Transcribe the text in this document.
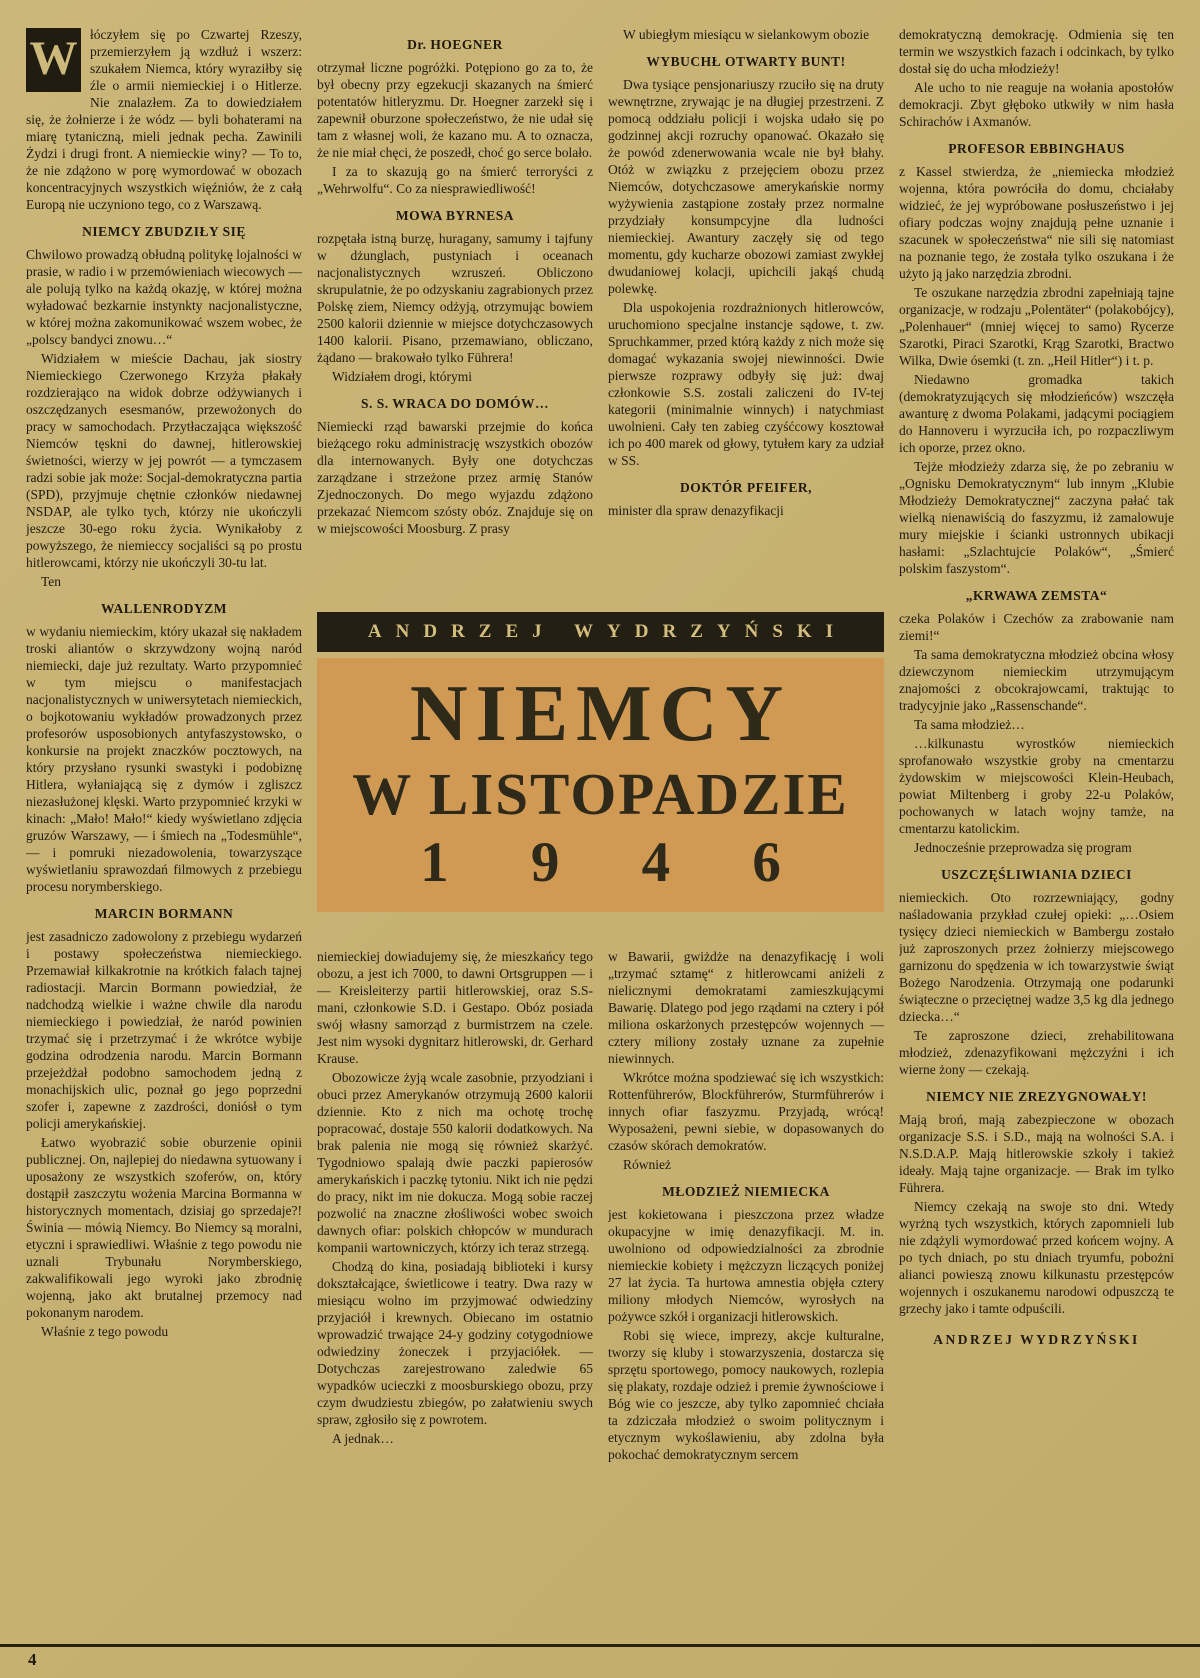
W łóczyłem się po Czwartej Rzeszy, przemierzyłem ją wzdłuż i wszerz: szukałem Niemca, który wyraziłby się źle o armii niemieckiej i o Hitlerze. Nie znalazłem. Za to dowiedziałem się, że żołnierze i że wódz — byli bohaterami na miarę tytaniczną, mieli jednak pecha. Zawinili Żydzi i drugi front. A niemieckie winy? — To to, że nie zdążono w porę wymordować w obozach koncentracyjnych wszystkich więźniów, że z całą Europą nie uczyniono tego, co z Warszawą.

NIEMCY ZBUDZIŁY SIĘ

Chwilowo prowadzą obłudną politykę lojalności w prasie, w radio i w przemówieniach wiecowych — ale polują tylko na każdą okazję, w której można wyładować bezkarnie instynkty nacjonalistyczne, w której można zakomunikować wszem wobec, że „polscy bandyci znowu…“

Widziałem w mieście Dachau, jak siostry Niemieckiego Czerwonego Krzyża płakały rozdzierająco na widok dobrze odżywianych i oszczędzanych esesmanów, przewożonych do pracy w samochodach. Przytłaczająca większość Niemców tęskni do dawnej, hitlerowskiej świetności, wierzy w jej powrót — a tymczasem radzi sobie jak może: Socjal-demokratyczna partia (SPD), przyjmuje chętnie członków niedawnej NSDAP, ale tylko tych, którzy nie ukończyli jeszcze 30-ego roku życia. Wynikałoby z powyższego, że niemieccy socjaliści są po prostu hitlerowcami, którzy nie ukończyli 30-tu lat.

Ten

WALLENRODYZM

w wydaniu niemieckim, który ukazał się nakładem troski aliantów o skrzywdzony wojną naród niemiecki, daje już rezultaty. Warto przypomnieć w tym miejscu o manifestacjach nacjonalistycznych w uniwersytetach niemieckich, o bojkotowaniu wykładów prowadzonych przez profesorów usposobionych antyfaszystowsko, o konkursie na projekt znaczków pocztowych, na który przysłano rysunki swastyki i podobiznę Hitlera, wyłaniającą się z dymów i zgliszcz niezasłużonej klęski. Warto przypomnieć krzyki w kinach: „Mało! Mało!“ kiedy wyświetlano zdjęcia gruzów Warszawy, — i śmiech na „Todesmühle“, — i pomruki niezadowolenia, towarzyszące wyświetlaniu sprawozdań filmowych z przebiegu procesu norymberskiego.

MARCIN BORMANN

jest zasadniczo zadowolony z przebiegu wydarzeń i postawy społeczeństwa niemieckiego. Przemawiał kilkakrotnie na krótkich falach tajnej radiostacji. Marcin Bormann powiedział, że nadchodzą wielkie i ważne chwile dla narodu niemieckiego i powiedział, że naród powinien trzymać się i przetrzymać i że wkrótce wybije godzina odrodzenia narodu. Marcin Bormann przejeżdżał podobno samochodem jedną z monachijskich ulic, poznał go jego poprzedni szofer i, zapewne z zazdrości, doniósł o tym policji amerykańskiej.

Łatwo wyobrazić sobie oburzenie opinii publicznej. On, najlepiej do niedawna sytuowany i uposażony ze wszystkich szoferów, on, który dostąpił zaszczytu wożenia Marcina Bormanna w historycznych momentach, dzisiaj go sprzedaje?! Świnia — mówią Niemcy. Bo Niemcy są moralni, etyczni i sprawiedliwi. Właśnie z tego powodu nie uznali Trybunału Norymberskiego, zakwalifikowali jego wyroki jako zbrodnię wojenną, jako akt brutalnej przemocy nad pokonanym narodem.

Właśnie z tego powodu

Dr. HOEGNER

otrzymał liczne pogróżki. Potępiono go za to, że był obecny przy egzekucji skazanych na śmierć potentatów hitleryzmu. Dr. Hoegner zarzekł się i zapewnił oburzone społeczeństwo, że nie udał się tam z własnej woli, że kazano mu. A to oznacza, że nie miał chęci, że poszedł, choć go serce bolało.

I za to skazują go na śmierć terroryści z „Wehrwolfu“. Co za niesprawiedliwość!

MOWA BYRNESA

rozpętała istną burzę, huragany, samumy i tajfuny w dżunglach, pustyniach i oceanach nacjonalistycznych wzruszeń. Obliczono skrupulatnie, że po odzyskaniu zagrabionych przez Polskę ziem, Niemcy odżyją, otrzymując bowiem 2500 kalorii dziennie w miejsce dotychczasowych 1400 kalorii. Pisano, przemawiano, obliczano, żądano — brakowało tylko Führera!

Widziałem drogi, którymi

S. S. WRACA DO DOMÓW…

Niemiecki rząd bawarski przejmie do końca bieżącego roku administrację wszystkich obozów dla internowanych. Były one dotychczas zarządzane i strzeżone przez armię Stanów Zjednoczonych. Do mego wyjazdu zdążono przekazać Niemcom szósty obóz. Znajduje się on w miejscowości Moosburg. Z prasy

W ubiegłym miesiącu w sielankowym obozie

WYBUCHŁ OTWARTY BUNT!

Dwa tysiące pensjonariuszy rzuciło się na druty wewnętrzne, zrywając je na długiej przestrzeni. Z pomocą oddziału policji i wojska udało się po godzinnej akcji rozruchy opanować. Okazało się że powód zdenerwowania wcale nie był błahy. Otóż w związku z przejęciem obozu przez Niemców, dotychczasowe amerykańskie normy wyżywienia zastąpione zostały przez normalne przydziały konsumpcyjne dla ludności niemieckiej. Awantury zaczęły się od tego momentu, gdy kucharze obozowi zamiast zwykłej dwudaniowej kolacji, upichcili jakąś chudą polewkę.

Dla uspokojenia rozdrażnionych hitlerowców, uruchomiono specjalne instancje sądowe, t. zw. Spruchkammer, przed którą każdy z nich może się domagać wykazania swojej niewinności. Dwie pierwsze rozprawy odbyły się już: dwaj członkowie S.S. zostali zaliczeni do IV-tej kategorii (minimalnie winnych) i natychmiast uwolnieni. Cały ten zabieg czyśćcowy kosztował ich po 400 marek od głowy, tytułem kary za udział w SS.

DOKTÓR PFEIFER,

minister dla spraw denazyfikacji

ANDRZEJ WYDRZYŃSKI
NIEMCY
W LISTOPADZIE
1 9 4 6

niemieckiej dowiadujemy się, że mieszkańcy tego obozu, a jest ich 7000, to dawni Ortsgruppen — i — Kreisleiterzy partii hitlerowskiej, oraz S.S-mani, członkowie S.D. i Gestapo. Obóz posiada swój własny samorząd z burmistrzem na czele. Jest nim wysoki dygnitarz hitlerowski, dr. Gerhard Krause.

Obozowicze żyją wcale zasobnie, przyodziani i obuci przez Amerykanów otrzymują 2600 kalorii dziennie. Kto z nich ma ochotę trochę popracować, dostaje 550 kalorii dodatkowych. Na brak palenia nie mogą się również skarżyć. Tygodniowo spalają dwie paczki papierosów amerykańskich i paczkę tytoniu. Nikt ich nie pędzi do pracy, nikt im nie dokucza. Mogą sobie raczej pozwolić na znaczne złośliwości wobec swoich dawnych ofiar: polskich chłopców w mundurach kompanii wartowniczych, którzy ich teraz strzegą.

Chodzą do kina, posiadają biblioteki i kursy dokształcające, świetlicowe i teatry. Dwa razy w miesiącu wolno im przyjmować odwiedziny przyjaciół i krewnych. Obiecano im ostatnio wprowadzić trwające 24-y godziny cotygodniowe odwiedziny żoneczek i przyjaciółek. — Dotychczas zarejestrowano zaledwie 65 wypadków ucieczki z moosburskiego obozu, przy czym dwudziestu zbiegów, po załatwieniu swych spraw, zgłosiło się z powrotem.

A jednak…

w Bawarii, gwiżdże na denazyfikację i woli „trzymać sztamę“ z hitlerowcami aniżeli z nielicznymi demokratami zamieszkującymi Bawarię. Dlatego pod jego rządami na cztery i pół miliona oskarżonych przestępców wojennych — cztery miliony zostały uznane za zupełnie niewinnych.

Wkrótce można spodziewać się ich wszystkich: Rottenführerów, Blockführerów, Sturmführerów i innych ofiar faszyzmu. Przyjadą, wrócą! Wyposażeni, pewni siebie, w dopasowanych do czasów skórach demokratów.

Również

MŁODZIEŻ NIEMIECKA

jest kokietowana i pieszczona przez władze okupacyjne w imię denazyfikacji. M. in. uwolniono od odpowiedzialności za zbrodnie niemieckie kobiety i mężczyzn liczących poniżej 27 lat życia. Ta hurtowa amnestia objęła cztery miliony młodych Niemców, wyrosłych na pożywce szkół i organizacji hitlerowskich.

Robi się wiece, imprezy, akcje kulturalne, tworzy się kluby i stowarzyszenia, dostarcza się sprzętu sportowego, pomocy naukowych, rozlepia się plakaty, rozdaje odzież i premie żywnościowe i Bóg wie co jeszcze, aby tylko zapomnieć chciała ta zdziczała młodzież o swoim politycznym i etycznym wykoślawieniu, aby zdolna była pokochać demokratycznym sercem

demokratyczną demokrację. Odmienia się ten termin we wszystkich fazach i odcinkach, by tylko dostał się do ucha młodzieży!

Ale ucho to nie reaguje na wołania apostołów demokracji. Zbyt głęboko utkwiły w nim hasła Schirachów i Axmanów.

PROFESOR EBBINGHAUS

z Kassel stwierdza, że „niemiecka młodzież wojenna, która powróciła do domu, chciałaby widzieć, że jej wypróbowane posłuszeństwo i jej ofiary podczas wojny znajdują pełne uznanie i szacunek w społeczeństwa“ nie sili się natomiast na poznanie tego, że została tylko oszukana i że użyto ją jako narzędzia zbrodni.

Te oszukane narzędzia zbrodni zapełniają tajne organizacje, w rodzaju „Polentäter“ (polakobójcy), „Polenhauer“ (mniej więcej to samo) Rycerze Szarotki, Piraci Szarotki, Krąg Szarotki, Bractwo Wilka, Dwie ósemki (t. zn. „Heil Hitler“) i t. p.

Niedawno gromadka takich (demokratyzujących się młodzieńców) wszczęła awanturę z dwoma Polakami, jadącymi pociągiem do Hannoveru i wyrzuciła ich, po rozpaczliwym ich oporze, przez okno.

Tejże młodzieży zdarza się, że po zebraniu w „Ognisku Demokratycznym“ lub innym „Klubie Młodzieży Demokratycznej“ zaczyna pałać tak wielką nienawiścią do faszyzmu, iż zamalowuje mury miejskie i ścianki ustronnych ubikacji hasłami: „Szlachtujcie Polaków“, „Śmierć polskim faszystom“.

„KRWAWA ZEMSTA“

czeka Polaków i Czechów za zrabowanie nam ziemi!“

Ta sama demokratyczna młodzież obcina włosy dziewczynom niemieckim utrzymującym znajomości z obcokrajowcami, traktując to tradycyjnie jako „Rassenschande“.

Ta sama młodzież…

…kilkunastu wyrostków niemieckich sprofanowało wszystkie groby na cmentarzu żydowskim w miejscowości Klein-Heubach, powiat Miltenberg i groby 22-u Polaków, pochowanych w latach wojny tamże, na cmentarzu katolickim.

Jednocześnie przeprowadza się program

USZCZĘŚLIWIANIA DZIECI

niemieckich. Oto rozrzewniający, godny naśladowania przykład czułej opieki: „…Osiem tysięcy dzieci niemieckich w Bambergu zostało już zaproszonych przez żołnierzy miejscowego garnizonu do spędzenia w ich towarzystwie świąt Bożego Narodzenia. Otrzymają one podarunki świąteczne o przeciętnej wadze 3,5 kg dla jednego dziecka…“

Te zaproszone dzieci, zrehabilitowana młodzież, zdenazyfikowani mężczyźni i ich wierne żony — czekają.

NIEMCY NIE ZREZYGNOWAŁY!

Mają broń, mają zabezpieczone w obozach organizacje S.S. i S.D., mają na wolności S.A. i N.S.D.A.P. Mają hitlerowskie szkoły i takież ideały. Mają tajne organizacje. — Brak im tylko Führera.

Niemcy czekają na swoje sto dni. Wtedy wyrżną tych wszystkich, których zapomnieli lub nie zdążyli wymordować przed końcem wojny. A po tych dniach, po stu dniach tryumfu, pobożni alianci powieszą znowu kilkunastu przestępców wojennych i oszukanemu narodowi odpuszczą te grzechy jako i tamte odpuścili.

ANDRZEJ WYDRZYŃSKI

4
